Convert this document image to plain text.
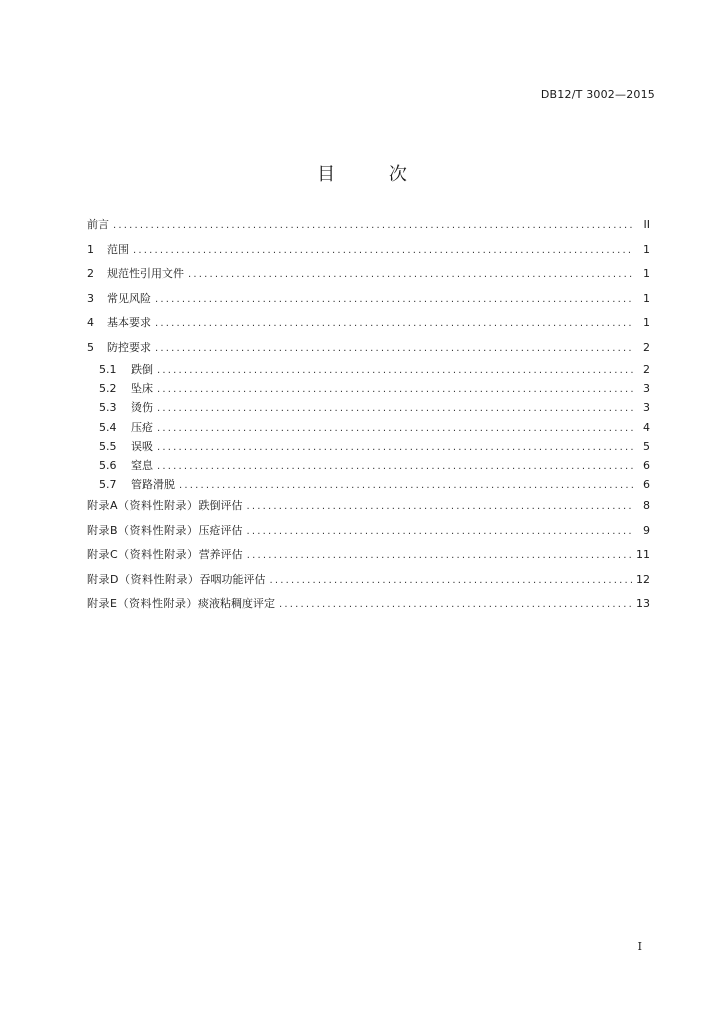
DB12/T 3002—2015
目 次
前言 .....	II
1	范围 .....	1
2	规范性引用文件 .....	1
3	常见风险 .....	1
4	基本要求 .....	1
5	防控要求 .....	2
5.1	跌倒 .....	2
5.2	坠床 .....	3
5.3	烫伤 .....	3
5.4	压疮 .....	4
5.5	误吸 .....	5
5.6	窒息 .....	6
5.7	管路滑脱 .....	6
附录A（资料性附录） 跌倒评估 .....	8
附录B（资料性附录） 压疮评估 .....	9
附录C（资料性附录） 营养评估 .....	11
附录D（资料性附录） 吞咽功能评估 .....	12
附录E（资料性附录） 痰液粘稠度评定 .....	13
I
